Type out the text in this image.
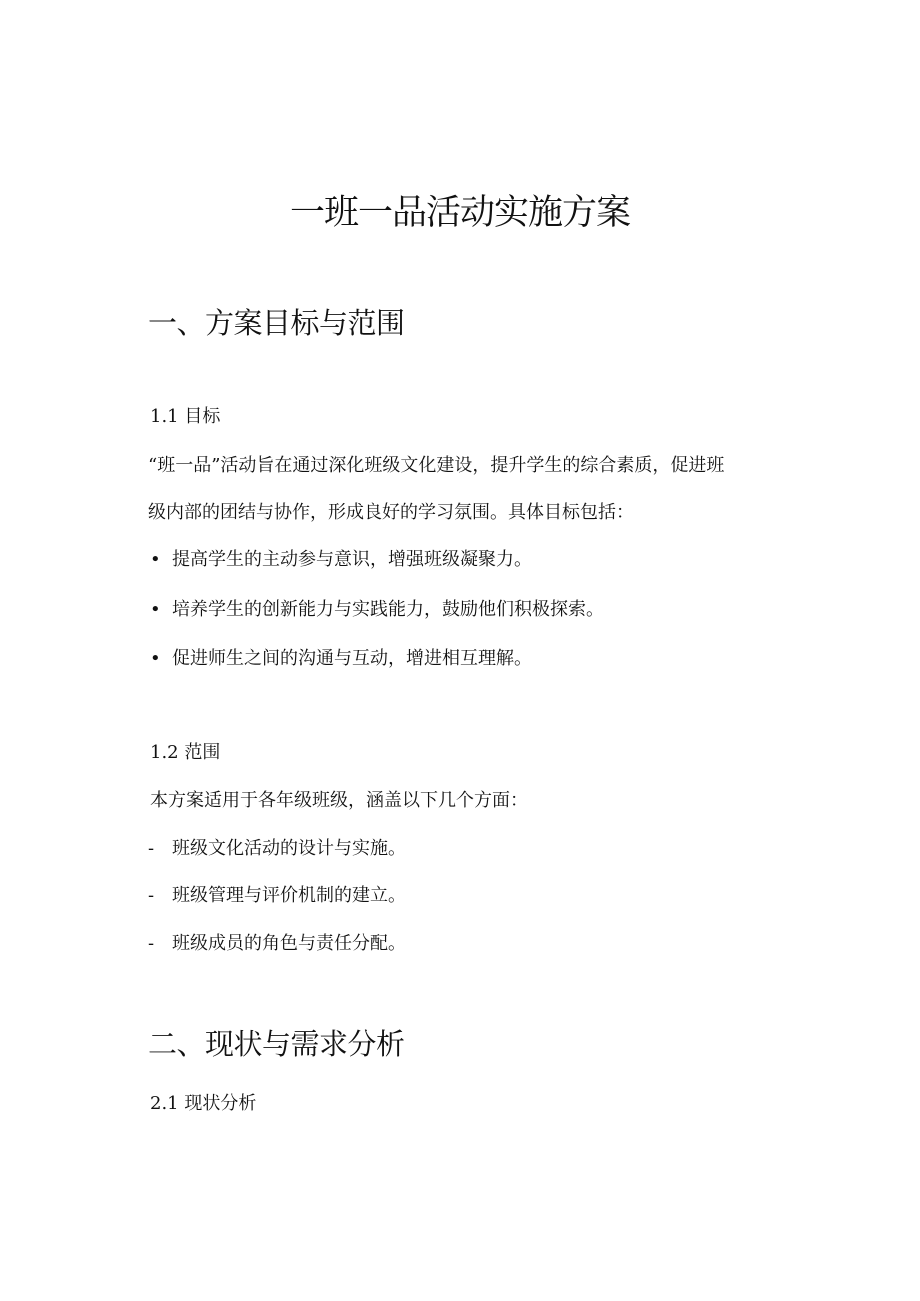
一班一品活动实施方案
一、方案目标与范围
1.1 目标
“班一品”活动旨在通过深化班级文化建设，提升学生的综合素质，促进班
级内部的团结与协作，形成良好的学习氛围。具体目标包括：
• 提高学生的主动参与意识，增强班级凝聚力。
• 培养学生的创新能力与实践能力，鼓励他们积极探索。
• 促进师生之间的沟通与互动，增进相互理解。
1.2 范围
本方案适用于各年级班级，涵盖以下几个方面：
- 班级文化活动的设计与实施。
- 班级管理与评价机制的建立。
- 班级成员的角色与责任分配。
二、现状与需求分析
2.1 现状分析
